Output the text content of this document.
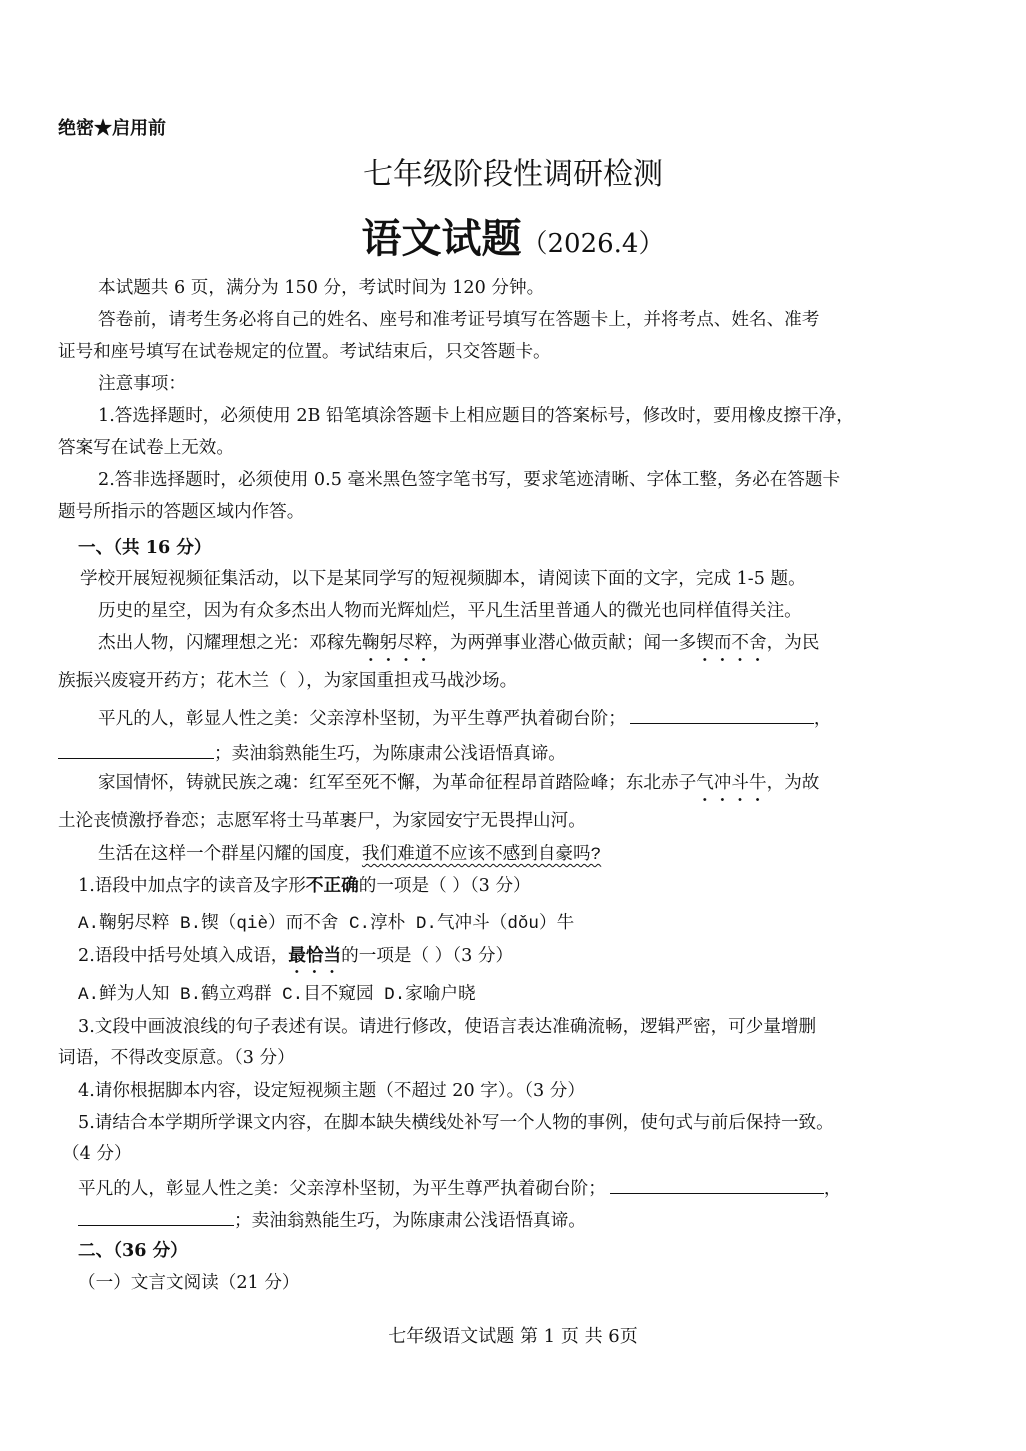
绝密★启用前
七年级阶段性调研检测
语文试题（2026.4）
本试题共 6 页，满分为 150 分，考试时间为 120 分钟。
答卷前，请考生务必将自己的姓名、座号和准考证号填写在答题卡上，并将考点、姓名、准考
证号和座号填写在试卷规定的位置。考试结束后，只交答题卡。
注意事项：
1.答选择题时，必须使用 2B 铅笔填涂答题卡上相应题目的答案标号，修改时，要用橡皮擦干净，
答案写在试卷上无效。
2.答非选择题时，必须使用 0.5 毫米黑色签字笔书写，要求笔迹清晰、字体工整，务必在答题卡
题号所指示的答题区域内作答。
一、（共 16 分）
学校开展短视频征集活动，以下是某同学写的短视频脚本，请阅读下面的文字，完成 1-5 题。
历史的星空，因为有众多杰出人物而光辉灿烂，平凡生活里普通人的微光也同样值得关注。
杰出人物，闪耀理想之光：邓稼先鞠躬尽粹，为两弹事业潜心做贡献；闻一多锲而不舍，为民
族振兴废寝开药方；花木兰（ ），为家国重担戎马战沙场。
平凡的人，彰显人性之美：父亲淳朴坚韧，为平生尊严执着砌台阶；	，
；卖油翁熟能生巧，为陈康肃公浅语悟真谛。
家国情怀，铸就民族之魂：红军至死不懈，为革命征程昂首踏险峰；东北赤子气冲斗牛，为故
土沦丧愤激抒眷恋；志愿军将士马革裹尸，为家园安宁无畏捍山河。
生活在这样一个群星闪耀的国度，我们难道不应该不感到自豪吗?
1.语段中加点字的读音及字形不正确的一项是（ ）（3 分）
A.鞠躬尽粹 B.锲（qiè）而不舍 C.淳朴 D.气冲斗（dǒu）牛
2.语段中括号处填入成语，最恰当的一项是（ ）（3 分）
A.鲜为人知 B.鹤立鸡群 C.目不窥园 D.家喻户晓
3.文段中画波浪线的句子表述有误。请进行修改，使语言表达准确流畅，逻辑严密，可少量增删
词语，不得改变原意。（3 分）
4.请你根据脚本内容，设定短视频主题（不超过 20 字）。（3 分）
5.请结合本学期所学课文内容，在脚本缺失横线处补写一个人物的事例，使句式与前后保持一致。
（4 分）
平凡的人，彰显人性之美：父亲淳朴坚韧，为平生尊严执着砌台阶；	，
；卖油翁熟能生巧，为陈康肃公浅语悟真谛。
二、（36 分）
（一）文言文阅读（21 分）
七年级语文试题 第 1 页 共 6页
